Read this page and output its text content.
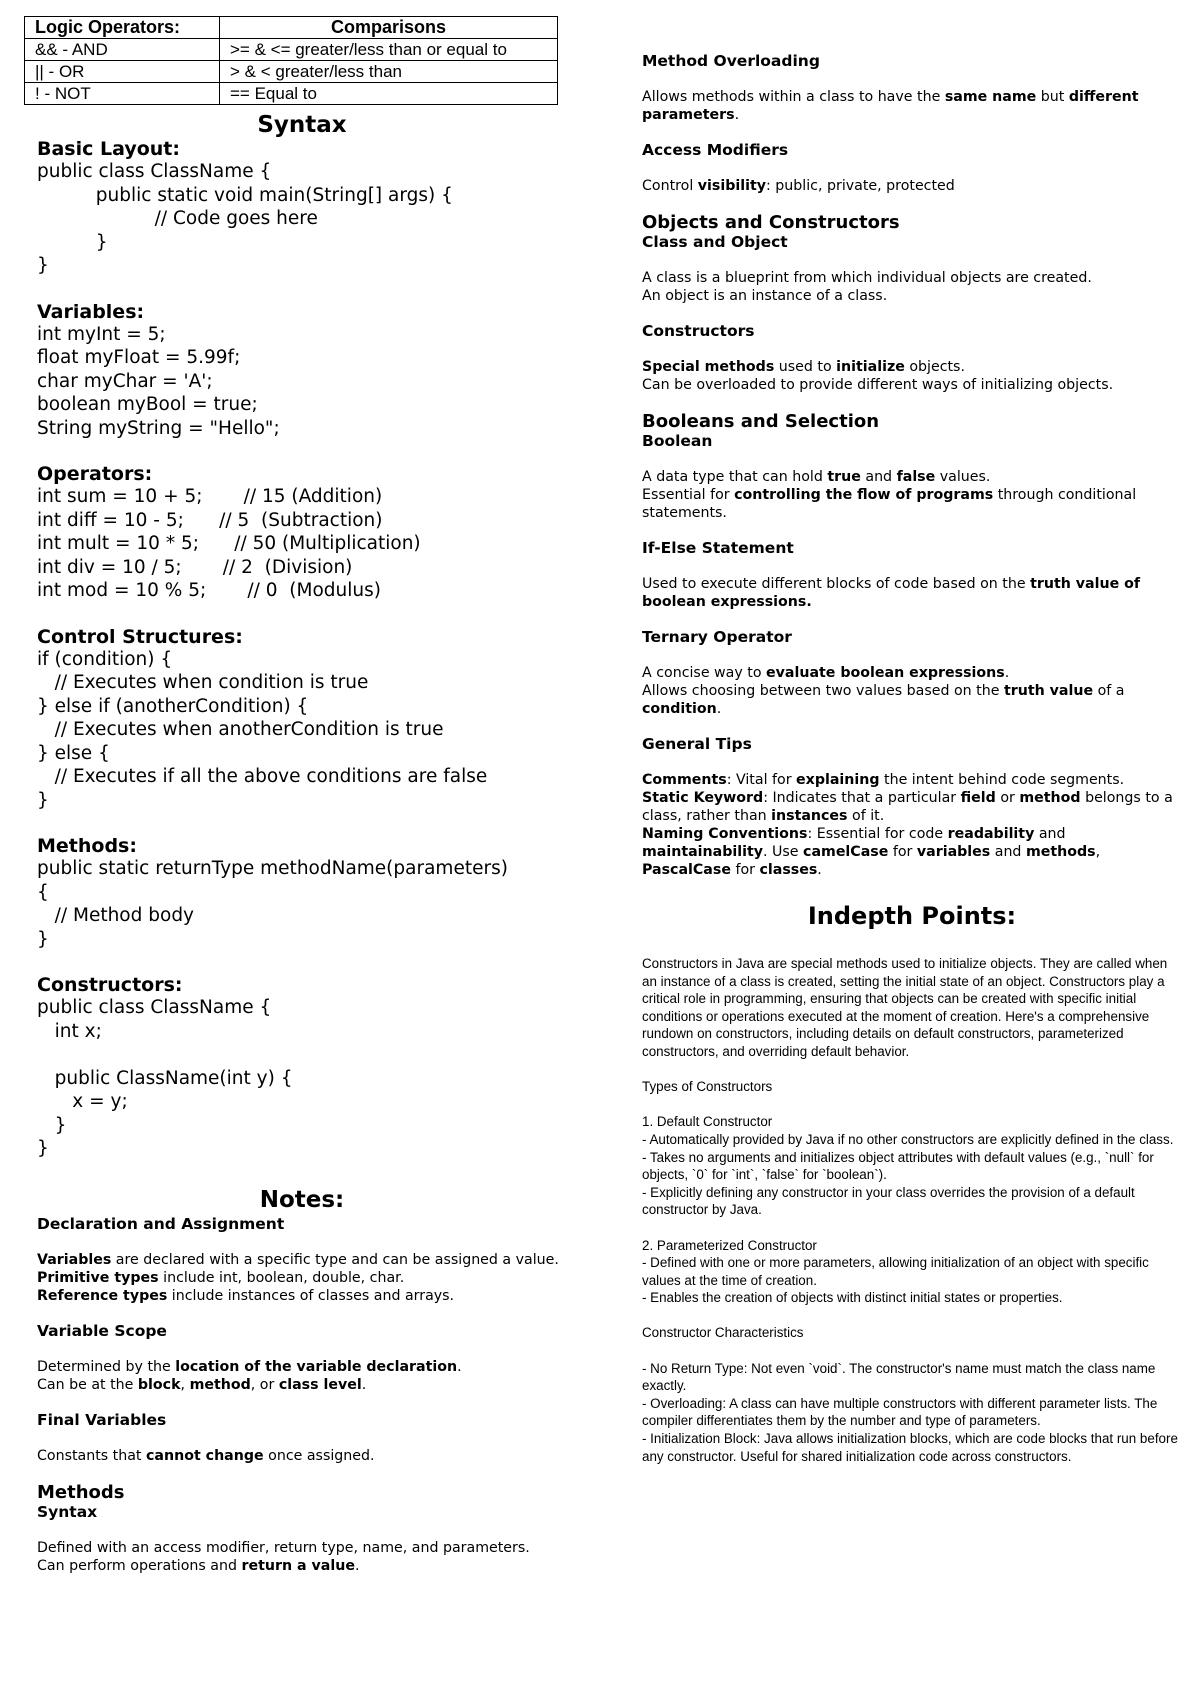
Logic Operators:	Comparisons
&& - AND	>= & <= greater/less than or equal to
|| - OR	> & < greater/less than
! - NOT	== Equal to
Syntax
Basic Layout:
public class ClassName {
public static void main(String[] args) {
// Code goes here
}
}
Variables:
int myInt = 5;
float myFloat = 5.99f;
char myChar = 'A';
boolean myBool = true;
String myString = "Hello";
Operators:
int sum = 10 + 5;       // 15 (Addition)
int diff = 10 - 5;      // 5  (Subtraction)
int mult = 10 * 5;      // 50 (Multiplication)
int div = 10 / 5;       // 2  (Division)
int mod = 10 % 5;       // 0  (Modulus)
Control Structures:
if (condition) {
// Executes when condition is true
} else if (anotherCondition) {
// Executes when anotherCondition is true
} else {
// Executes if all the above conditions are false
}
Methods:
public static returnType methodName(parameters)
{
// Method body
}
Constructors:
public class ClassName {
int x;

public ClassName(int y) {
x = y;
}
}
Notes:
Declaration and Assignment

Variables are declared with a specific type and can be assigned a value.

Primitive types include int, boolean, double, char.

Reference types include instances of classes and arrays.

Variable Scope

Determined by the location of the variable declaration.

Can be at the block, method, or class level.

Final Variables

Constants that cannot change once assigned.

Methods
Syntax

Defined with an access modifier, return type, name, and parameters.

Can perform operations and return a value.

Method Overloading

Allows methods within a class to have the same name but different parameters.

Access Modifiers

Control visibility: public, private, protected

Objects and Constructors
Class and Object

A class is a blueprint from which individual objects are created.

An object is an instance of a class.

Constructors

Special methods used to initialize objects.

Can be overloaded to provide different ways of initializing objects.

Booleans and Selection
Boolean

A data type that can hold true and false values.

Essential for controlling the flow of programs through conditional statements.

If-Else Statement

Used to execute different blocks of code based on the truth value of boolean expressions.

Ternary Operator

A concise way to evaluate boolean expressions.

Allows choosing between two values based on the truth value of a condition.

General Tips

Comments: Vital for explaining the intent behind code segments.

Static Keyword: Indicates that a particular field or method belongs to a class, rather than instances of it.

Naming Conventions: Essential for code readability and maintainability. Use camelCase for variables and methods, PascalCase for classes.

Indepth Points:

Constructors in Java are special methods used to initialize objects. They are called when an instance of a class is created, setting the initial state of an object. Constructors play a critical role in programming, ensuring that objects can be created with specific initial conditions or operations executed at the moment of creation. Here's a comprehensive rundown on constructors, including details on default constructors, parameterized constructors, and overriding default behavior.

Types of Constructors

1. Default Constructor

- Automatically provided by Java if no other constructors are explicitly defined in the class.

- Takes no arguments and initializes object attributes with default values (e.g., `null` for objects, `0` for `int`, `false` for `boolean`).

- Explicitly defining any constructor in your class overrides the provision of a default constructor by Java.

2. Parameterized Constructor

- Defined with one or more parameters, allowing initialization of an object with specific values at the time of creation.

- Enables the creation of objects with distinct initial states or properties.

Constructor Characteristics

- No Return Type: Not even `void`. The constructor's name must match the class name exactly.

- Overloading: A class can have multiple constructors with different parameter lists. The compiler differentiates them by the number and type of parameters.

- Initialization Block: Java allows initialization blocks, which are code blocks that run before any constructor. Useful for shared initialization code across constructors.
